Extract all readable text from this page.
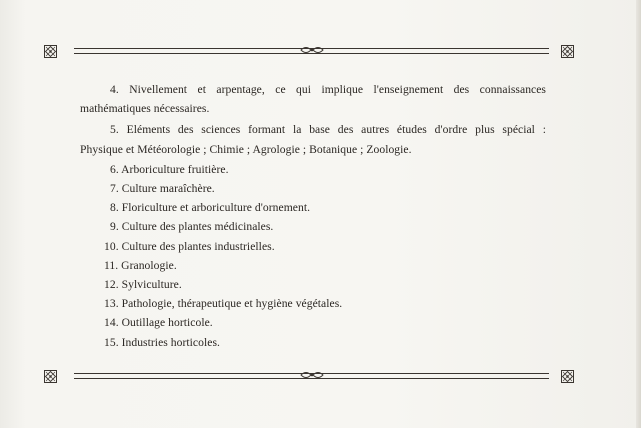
4. Nivellement et arpentage, ce qui implique l'enseignement des connaissances
mathématiques nécessaires.

5. Eléments des sciences formant la base des autres études d'ordre plus spécial :
Physique et Météorologie ; Chimie ; Agrologie ; Botanique ; Zoologie.

6. Arboriculture fruitière.

7. Culture maraîchère.

8. Floriculture et arboriculture d'ornement.

9. Culture des plantes médicinales.

10. Culture des plantes industrielles.

11. Granologie.

12. Sylviculture.

13. Pathologie, thérapeutique et hygiène végétales.

14. Outillage horticole.

15. Industries horticoles.
